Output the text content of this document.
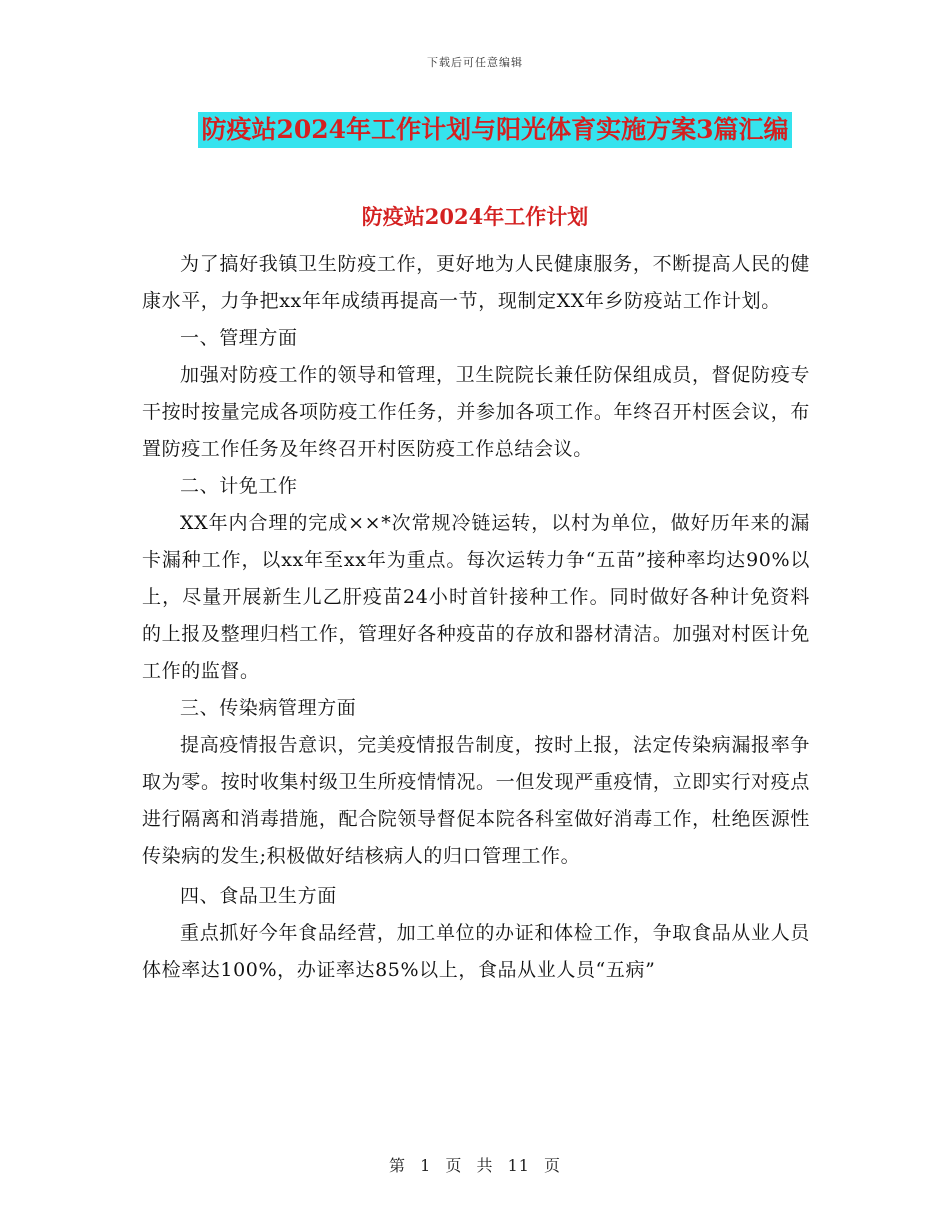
下载后可任意编辑
防疫站2024年工作计划与阳光体育实施方案3篇汇编
防疫站2024年工作计划

为了搞好我镇卫生防疫工作，更好地为人民健康服务，不断提高人民的健康水平，力争把xx年年成绩再提高一节，现制定XX年乡防疫站工作计划。

一、管理方面

加强对防疫工作的领导和管理，卫生院院长兼任防保组成员，督促防疫专干按时按量完成各项防疫工作任务，并参加各项工作。年终召开村医会议，布置防疫工作任务及年终召开村医防疫工作总结会议。

二、计免工作

XX年内合理的完成××*次常规冷链运转，以村为单位，做好历年来的漏卡漏种工作，以xx年至xx年为重点。每次运转力争“五苗”接种率均达90%以上，尽量开展新生儿乙肝疫苗24小时首针接种工作。同时做好各种计免资料的上报及整理归档工作，管理好各种疫苗的存放和器材清洁。加强对村医计免工作的监督。

三、传染病管理方面

提高疫情报告意识，完美疫情报告制度，按时上报，法定传染病漏报率争取为零。按时收集村级卫生所疫情情况。一但发现严重疫情，立即实行对疫点进行隔离和消毒措施，配合院领导督促本院各科室做好消毒工作，杜绝医源性传染病的发生;积极做好结核病人的归口管理工作。

四、食品卫生方面

重点抓好今年食品经营，加工单位的办证和体检工作，争取食品从业人员体检率达100%，办证率达85%以上，食品从业人员“五病”

第 1 页 共 11 页
